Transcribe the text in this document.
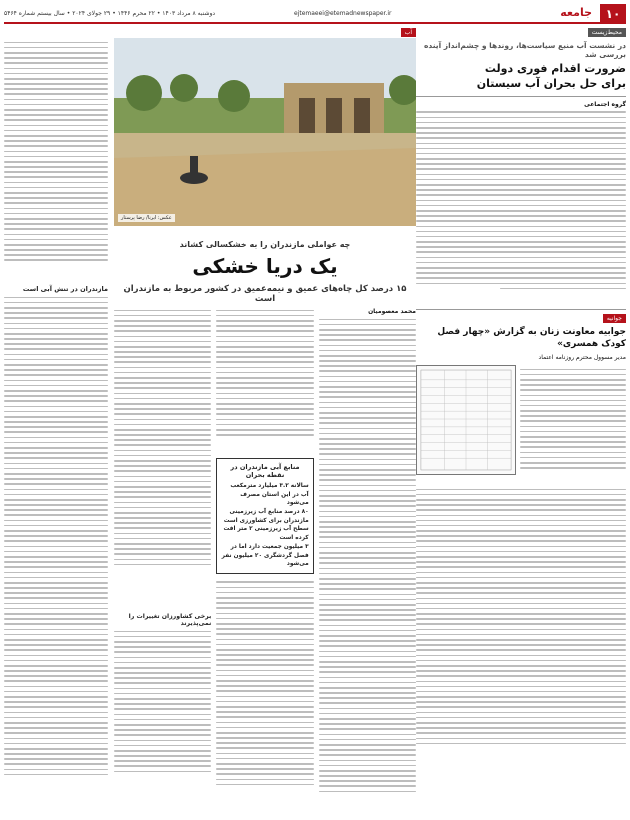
۱۰
جامعه
ejtemaeei@etemadnewspaper.ir
دوشنبه ۸ مرداد ۱۴۰۳ • ۲۲ محرم ۱۴۴۶ • ۲۹ جولای ۲۰۲۴ • سال بیستم شماره ۵۴۶۴
محیط‌زیست
در نشست آب منبع سیاست‌ها، روندها و چشم‌انداز آینده بررسی شد
ضرورت اقدام فوری دولت برای حل بحران آب سیستان
گروه اجتماعی
جوانیه
جوابیه معاونت زنان به گزارش «چهار فصل کودک همسری»
مدیر مسوول محترم روزنامه اعتماد
آب
عکس: ایرنا/ رضا پرستار
چه عواملی مازندران را به خشکسالی کشاند
یک دریا خشکی
۱۵ درصد کل چاه‌های عمیق و نیمه‌عمیق در کشور مربوط به مازندران است
مازندران در تنش آبی است
محمد معصومیان
منابع آبی مازندران در نقطه بحران
سالانه ۳.۲ میلیارد مترمکعب آب در این استان مصرف می‌شود
۸۰ درصد منابع آب زیرزمینی مازندران برای کشاورزی است
سطح آب زیرزمینی ۲ متر افت کرده است
۳ میلیون جمعیت دارد اما در فصل گردشگری ۲۰ میلیون نفر می‌شود
برخی کشاورزان تغییرات را نمی‌پذیرند
